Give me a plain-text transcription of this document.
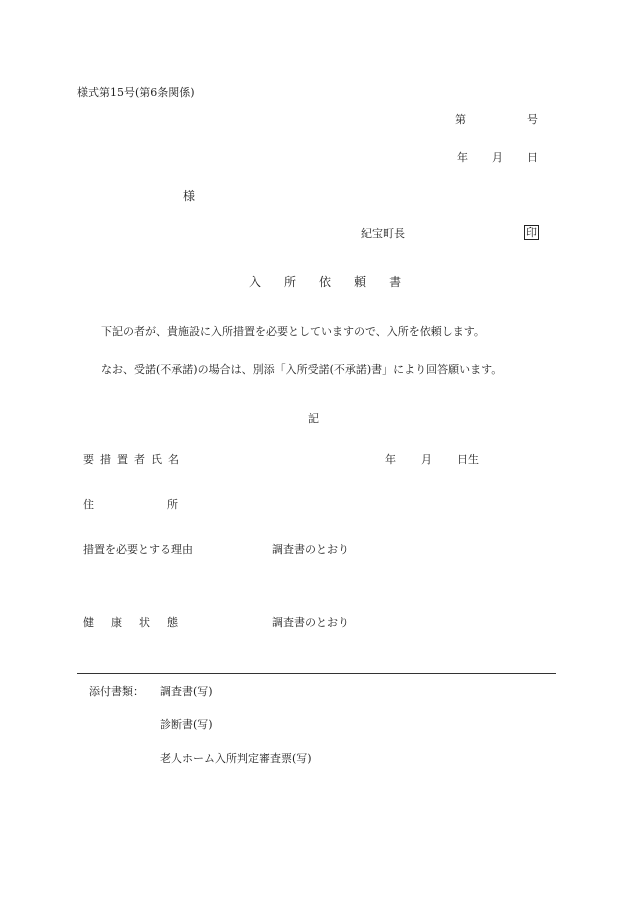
様式第15号(第6条関係)
第	号
年 月 日
様
紀宝町長	印
入 所 依 頼 書
下記の者が、貴施設に入所措置を必要としていますので、入所を依頼します。
なお、受諾(不承諾)の場合は、別添「入所受諾(不承諾)書」により回答願います。
記
要 措 置 者 氏 名	年 月 日生
住	所
措置を必要とする理由	調査書のとおり
健 康 状 態	調査書のとおり
添付書類： 調査書(写)
診断書(写)
老人ホーム入所判定審査票(写)
